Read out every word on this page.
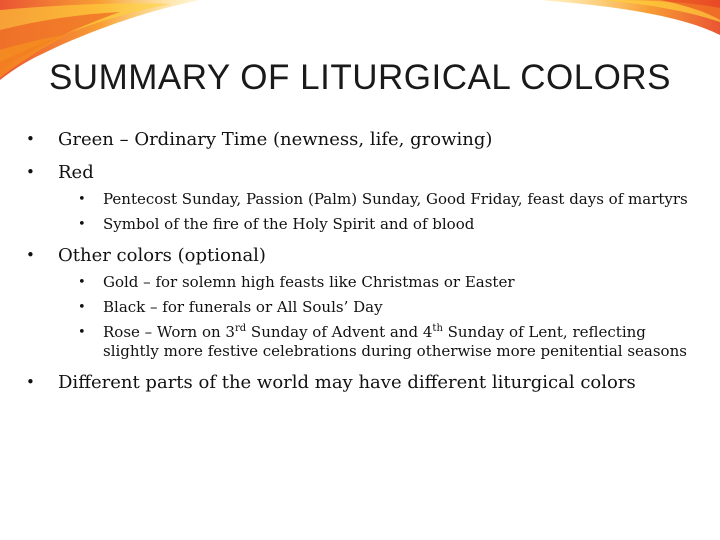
SUMMARY OF LITURGICAL COLORS
• Green – Ordinary Time (newness, life, growing)
• Red
• Pentecost Sunday, Passion (Palm) Sunday, Good Friday, feast days of martyrs
• Symbol of the fire of the Holy Spirit and of blood
• Other colors (optional)
• Gold – for solemn high feasts like Christmas or Easter
• Black – for funerals or All Souls’ Day
• Rose – Worn on 3rd Sunday of Advent and 4th Sunday of Lent, reflecting slightly more festive celebrations during otherwise more penitential seasons
• Different parts of the world may have different liturgical colors
